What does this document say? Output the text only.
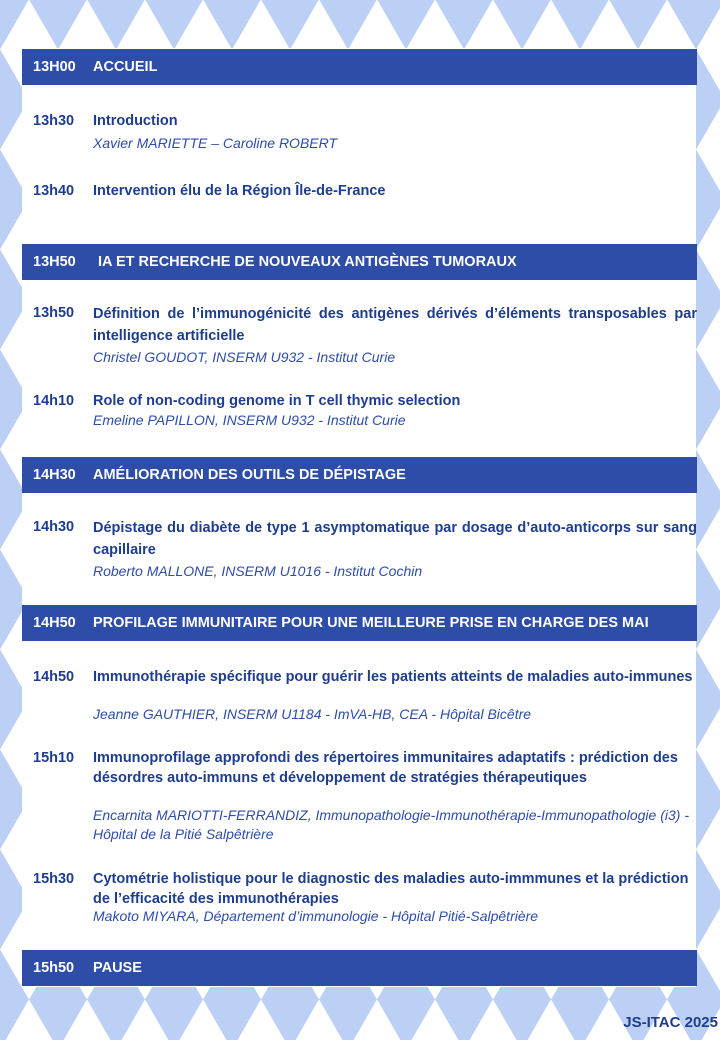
13H00 ACCUEIL
13H50 IA ET RECHERCHE DE NOUVEAUX ANTIGÈNES TUMORAUX
14H30 AMÉLIORATION DES OUTILS DE DÉPISTAGE
14H50 PROFILAGE IMMUNITAIRE POUR UNE MEILLEURE PRISE EN CHARGE DES MAI
15h50 PAUSE
13h30 Introduction
Xavier MARIETTE – Caroline ROBERT
13h40 Intervention élu de la Région Île-de-France
13h50 Définition de l’immunogénicité des antigènes dérivés d’éléments transposables par intelligence artificielle
Christel GOUDOT, INSERM U932 - Institut Curie
14h10 Role of non-coding genome in T cell thymic selection
Emeline PAPILLON, INSERM U932 - Institut Curie
14h30 Dépistage du diabète de type 1 asymptomatique par dosage d’auto-anticorps sur sang capillaire
Roberto MALLONE, INSERM U1016 - Institut Cochin
14h50 Immunothérapie spécifique pour guérir les patients atteints de maladies auto-immunes
Jeanne GAUTHIER, INSERM U1184 - ImVA-HB, CEA - Hôpital Bicêtre
15h10 Immunoprofilage approfondi des répertoires immunitaires adaptatifs : prédiction des désordres auto-immuns et développement de stratégies thérapeutiques
Encarnita MARIOTTI-FERRANDIZ, Immunopathologie-Immunothérapie-Immunopathologie (i3) - Hôpital de la Pitié Salpêtrière
15h30 Cytométrie holistique pour le diagnostic des maladies auto-immmunes et la prédiction de l’efficacité des immunothérapies
Makoto MIYARA, Département d’immunologie - Hôpital Pitié-Salpêtrière
JS-ITAC 2025
